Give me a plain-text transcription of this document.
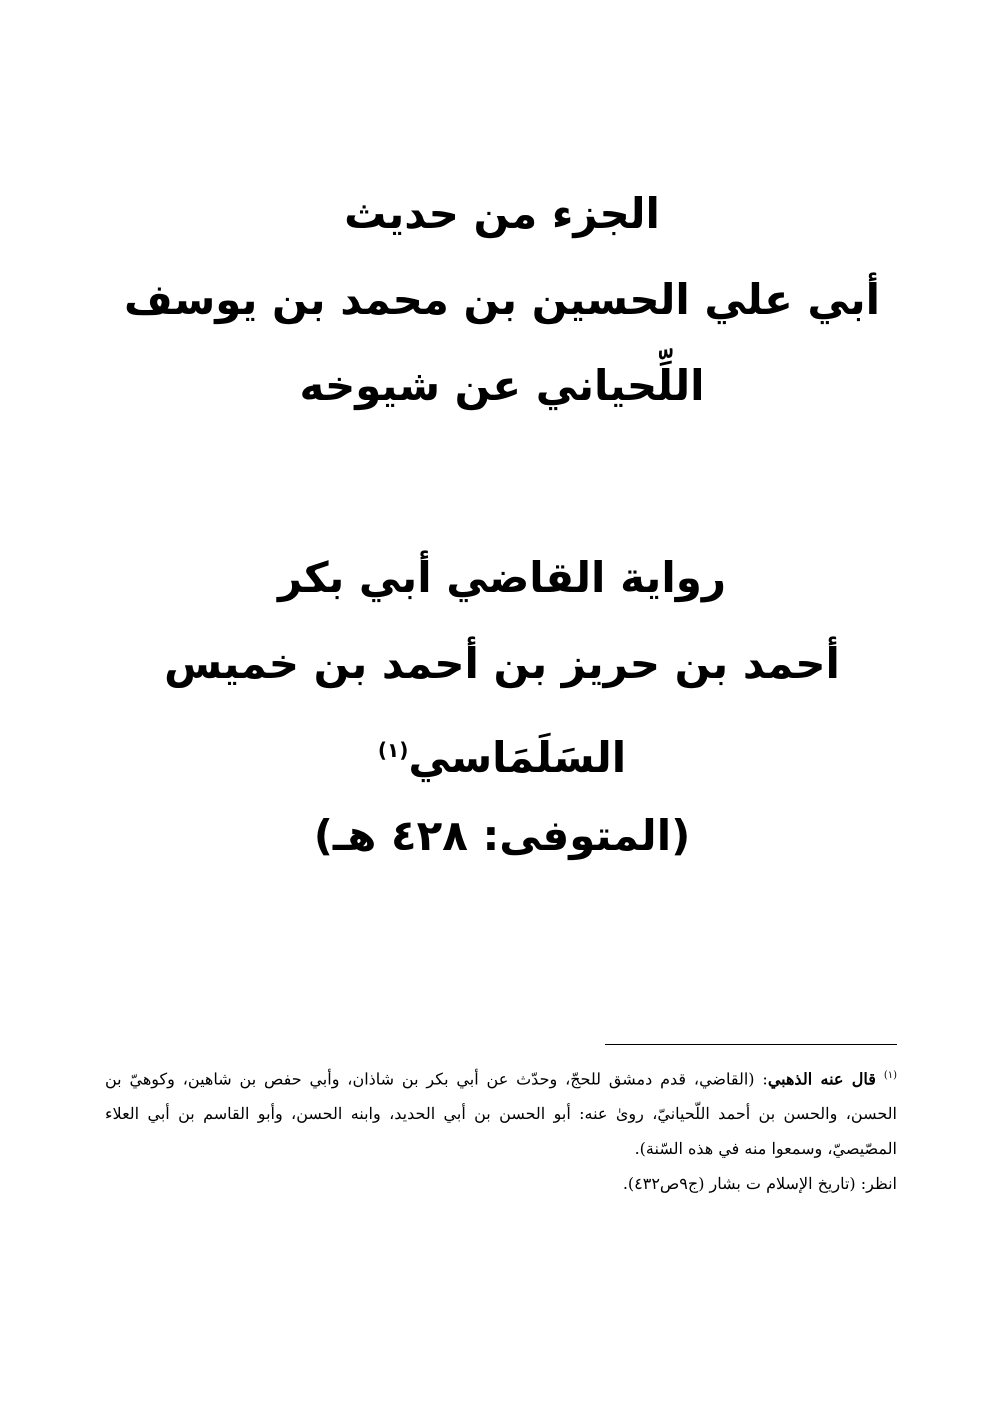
الجزء من حديث
أبي علي الحسين بن محمد بن يوسف
اللِّحياني عن شيوخه
رواية القاضي أبي بكر
أحمد بن حريز بن أحمد بن خميس
السَلَمَاسي$^{(١)}$
(المتوفى: ٤٢٨ هـ)

$^{(١)}$ قال عنه الذهبي: (القاضي، قدم دمشق للحجّ، وحدّث عن أبي بكر بن شاذان، وأبي حفص بن شاهين، وكوهيّ بن الحسن، والحسن بن أحمد اللّحيانيّ، روىٰ عنه: أبو الحسن بن أبي الحديد، وابنه الحسن، وأبو القاسم بن أبي العلاء المصّيصيّ، وسمعوا منه في هذه السّنة).

انظر: (تاريخ الإسلام ت بشار (ج٩ص٤٣٢).
